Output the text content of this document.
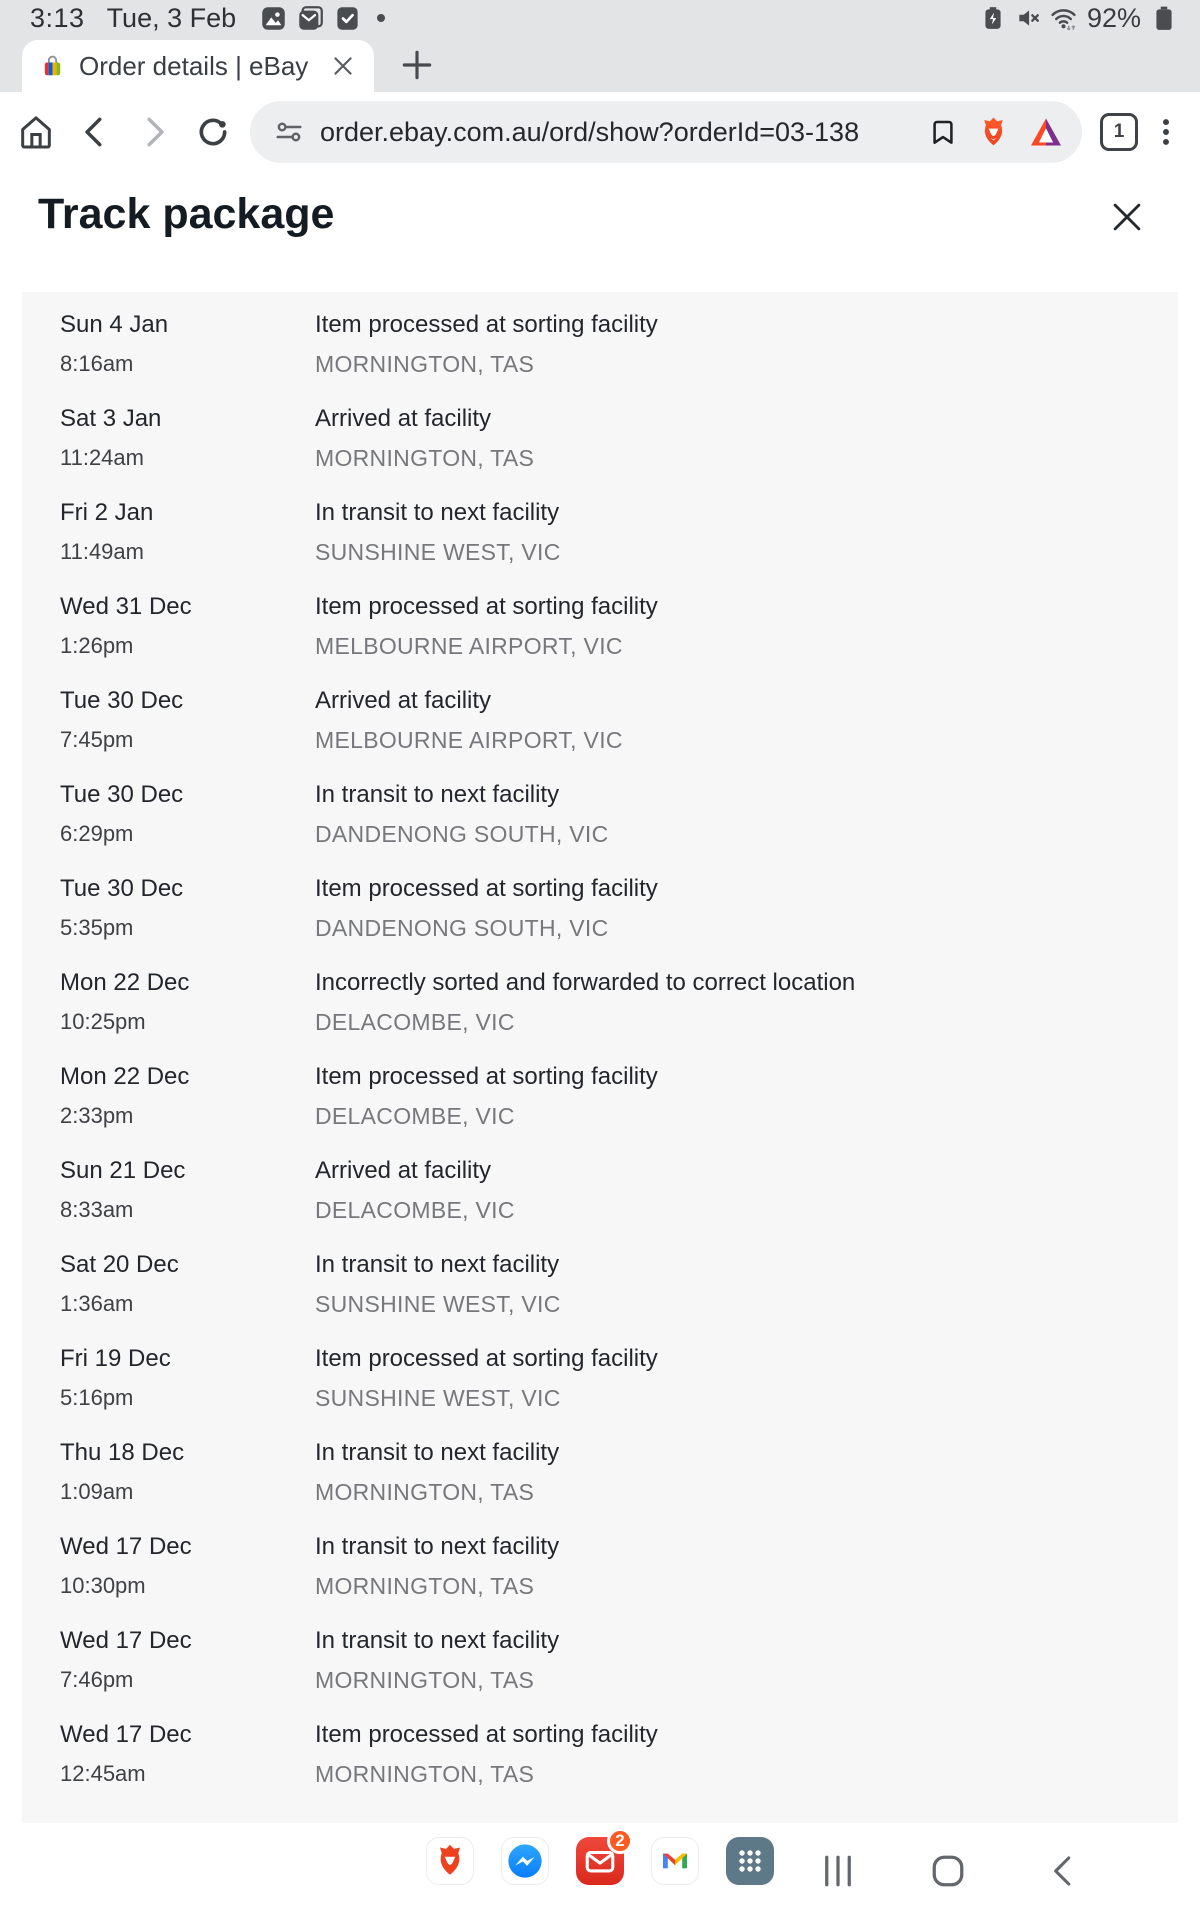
3:13 Tue, 3 Feb	92%
Order details | eBay
order.ebay.com.au/ord/show?orderId=03-138	1
Track package
Sun 4 Jan
8:16am
Item processed at sorting facility
MORNINGTON, TAS
Sat 3 Jan
11:24am
Arrived at facility
MORNINGTON, TAS
Fri 2 Jan
11:49am
In transit to next facility
SUNSHINE WEST, VIC
Wed 31 Dec
1:26pm
Item processed at sorting facility
MELBOURNE AIRPORT, VIC
Tue 30 Dec
7:45pm
Arrived at facility
MELBOURNE AIRPORT, VIC
Tue 30 Dec
6:29pm
In transit to next facility
DANDENONG SOUTH, VIC
Tue 30 Dec
5:35pm
Item processed at sorting facility
DANDENONG SOUTH, VIC
Mon 22 Dec
10:25pm
Incorrectly sorted and forwarded to correct location
DELACOMBE, VIC
Mon 22 Dec
2:33pm
Item processed at sorting facility
DELACOMBE, VIC
Sun 21 Dec
8:33am
Arrived at facility
DELACOMBE, VIC
Sat 20 Dec
1:36am
In transit to next facility
SUNSHINE WEST, VIC
Fri 19 Dec
5:16pm
Item processed at sorting facility
SUNSHINE WEST, VIC
Thu 18 Dec
1:09am
In transit to next facility
MORNINGTON, TAS
Wed 17 Dec
10:30pm
In transit to next facility
MORNINGTON, TAS
Wed 17 Dec
7:46pm
In transit to next facility
MORNINGTON, TAS
Wed 17 Dec
12:45am
Item processed at sorting facility
MORNINGTON, TAS
2
